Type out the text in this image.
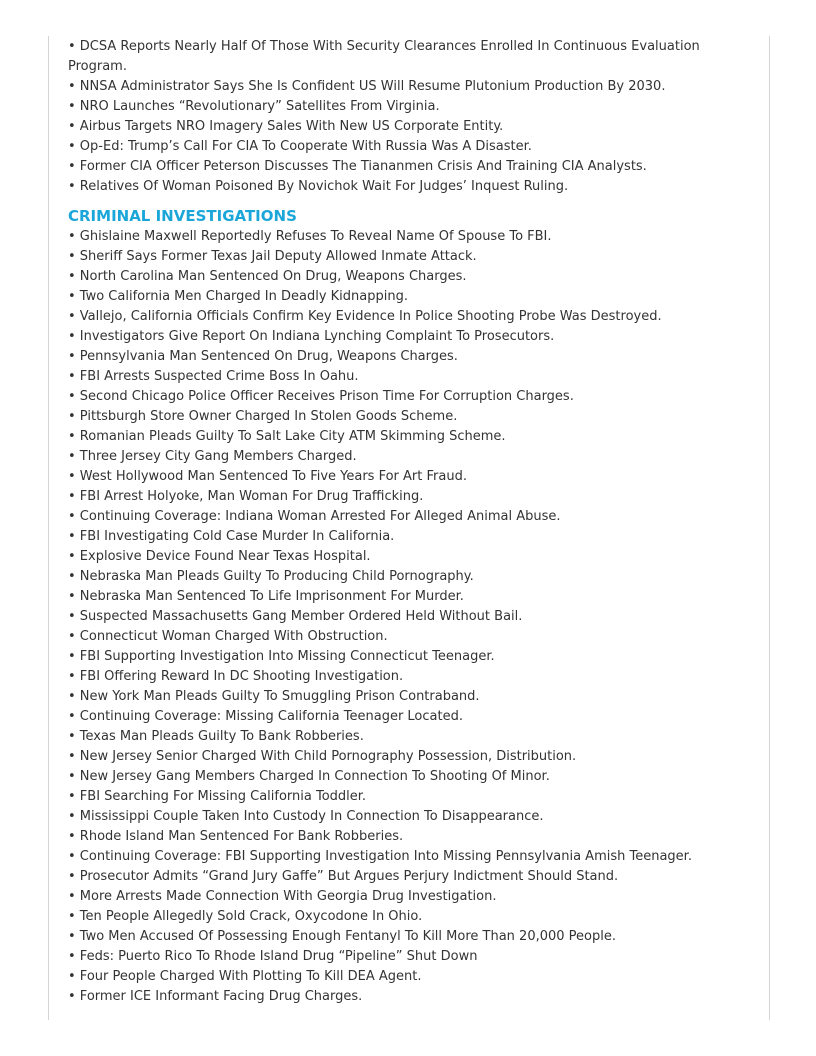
• DCSA Reports Nearly Half Of Those With Security Clearances Enrolled In Continuous Evaluation Program.

• NNSA Administrator Says She Is Confident US Will Resume Plutonium Production By 2030.

• NRO Launches “Revolutionary” Satellites From Virginia.

• Airbus Targets NRO Imagery Sales With New US Corporate Entity.

• Op-Ed: Trump’s Call For CIA To Cooperate With Russia Was A Disaster.

• Former CIA Officer Peterson Discusses The Tiananmen Crisis And Training CIA Analysts.

• Relatives Of Woman Poisoned By Novichok Wait For Judges’ Inquest Ruling.

CRIMINAL INVESTIGATIONS

• Ghislaine Maxwell Reportedly Refuses To Reveal Name Of Spouse To FBI.

• Sheriff Says Former Texas Jail Deputy Allowed Inmate Attack.

• North Carolina Man Sentenced On Drug, Weapons Charges.

• Two California Men Charged In Deadly Kidnapping.

• Vallejo, California Officials Confirm Key Evidence In Police Shooting Probe Was Destroyed.

• Investigators Give Report On Indiana Lynching Complaint To Prosecutors.

• Pennsylvania Man Sentenced On Drug, Weapons Charges.

• FBI Arrests Suspected Crime Boss In Oahu.

• Second Chicago Police Officer Receives Prison Time For Corruption Charges.

• Pittsburgh Store Owner Charged In Stolen Goods Scheme.

• Romanian Pleads Guilty To Salt Lake City ATM Skimming Scheme.

• Three Jersey City Gang Members Charged.

• West Hollywood Man Sentenced To Five Years For Art Fraud.

• FBI Arrest Holyoke, Man Woman For Drug Trafficking.

• Continuing Coverage: Indiana Woman Arrested For Alleged Animal Abuse.

• FBI Investigating Cold Case Murder In California.

• Explosive Device Found Near Texas Hospital.

• Nebraska Man Pleads Guilty To Producing Child Pornography.

• Nebraska Man Sentenced To Life Imprisonment For Murder.

• Suspected Massachusetts Gang Member Ordered Held Without Bail.

• Connecticut Woman Charged With Obstruction.

• FBI Supporting Investigation Into Missing Connecticut Teenager.

• FBI Offering Reward In DC Shooting Investigation.

• New York Man Pleads Guilty To Smuggling Prison Contraband.

• Continuing Coverage: Missing California Teenager Located.

• Texas Man Pleads Guilty To Bank Robberies.

• New Jersey Senior Charged With Child Pornography Possession, Distribution.

• New Jersey Gang Members Charged In Connection To Shooting Of Minor.

• FBI Searching For Missing California Toddler.

• Mississippi Couple Taken Into Custody In Connection To Disappearance.

• Rhode Island Man Sentenced For Bank Robberies.

• Continuing Coverage: FBI Supporting Investigation Into Missing Pennsylvania Amish Teenager.

• Prosecutor Admits “Grand Jury Gaffe” But Argues Perjury Indictment Should Stand.

• More Arrests Made Connection With Georgia Drug Investigation.

• Ten People Allegedly Sold Crack, Oxycodone In Ohio.

• Two Men Accused Of Possessing Enough Fentanyl To Kill More Than 20,000 People.

• Feds: Puerto Rico To Rhode Island Drug “Pipeline” Shut Down

• Four People Charged With Plotting To Kill DEA Agent.

• Former ICE Informant Facing Drug Charges.
